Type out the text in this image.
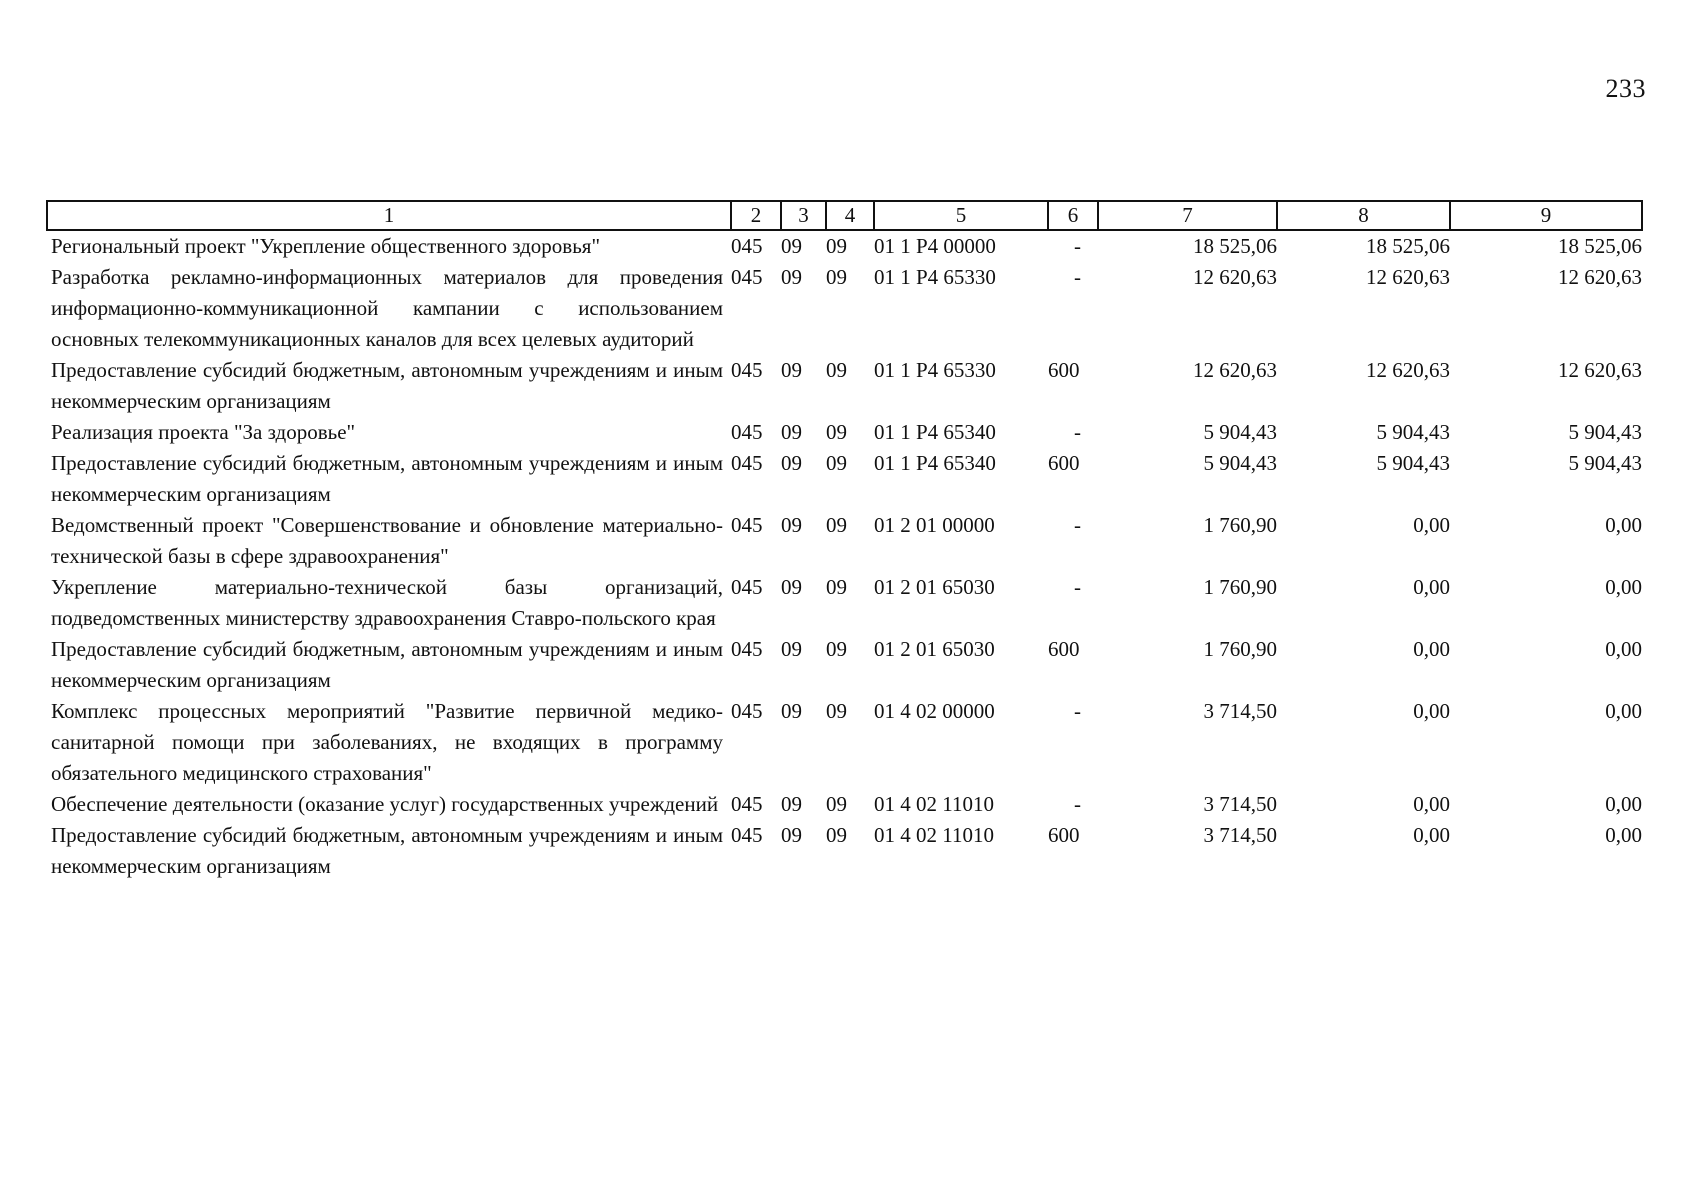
233
1	2	3	4	5	6	7	8	9
Региональный проект "Укрепление общественного здоровья"	045	09	09	01 1 Р4 00000	-	18 525,06	18 525,06	18 525,06
Разработка рекламно-информационных материалов для проведения информационно-коммуникационной кампании с использованием основных телекоммуникационных каналов для всех целевых аудиторий	045	09	09	01 1 Р4 65330	-	12 620,63	12 620,63	12 620,63
Предоставление субсидий бюджетным, автономным учреждениям и иным некоммерческим организациям	045	09	09	01 1 Р4 65330	600	12 620,63	12 620,63	12 620,63
Реализация проекта "За здоровье"	045	09	09	01 1 Р4 65340	-	5 904,43	5 904,43	5 904,43
Предоставление субсидий бюджетным, автономным учреждениям и иным некоммерческим организациям	045	09	09	01 1 Р4 65340	600	5 904,43	5 904,43	5 904,43
Ведомственный проект "Совершенствование и обновление материально-технической базы в сфере здравоохранения"	045	09	09	01 2 01 00000	-	1 760,90	0,00	0,00
Укрепление материально-технической базы организаций, подведомственных министерству здравоохранения Ставро-польского края	045	09	09	01 2 01 65030	-	1 760,90	0,00	0,00
Предоставление субсидий бюджетным, автономным учреждениям и иным некоммерческим организациям	045	09	09	01 2 01 65030	600	1 760,90	0,00	0,00
Комплекс процессных мероприятий "Развитие первичной медико-санитарной помощи при заболеваниях, не входящих в программу обязательного медицинского страхования"	045	09	09	01 4 02 00000	-	3 714,50	0,00	0,00
Обеспечение деятельности (оказание услуг) государственных учреждений	045	09	09	01 4 02 11010	-	3 714,50	0,00	0,00
Предоставление субсидий бюджетным, автономным учреждениям и иным некоммерческим организациям	045	09	09	01 4 02 11010	600	3 714,50	0,00	0,00
